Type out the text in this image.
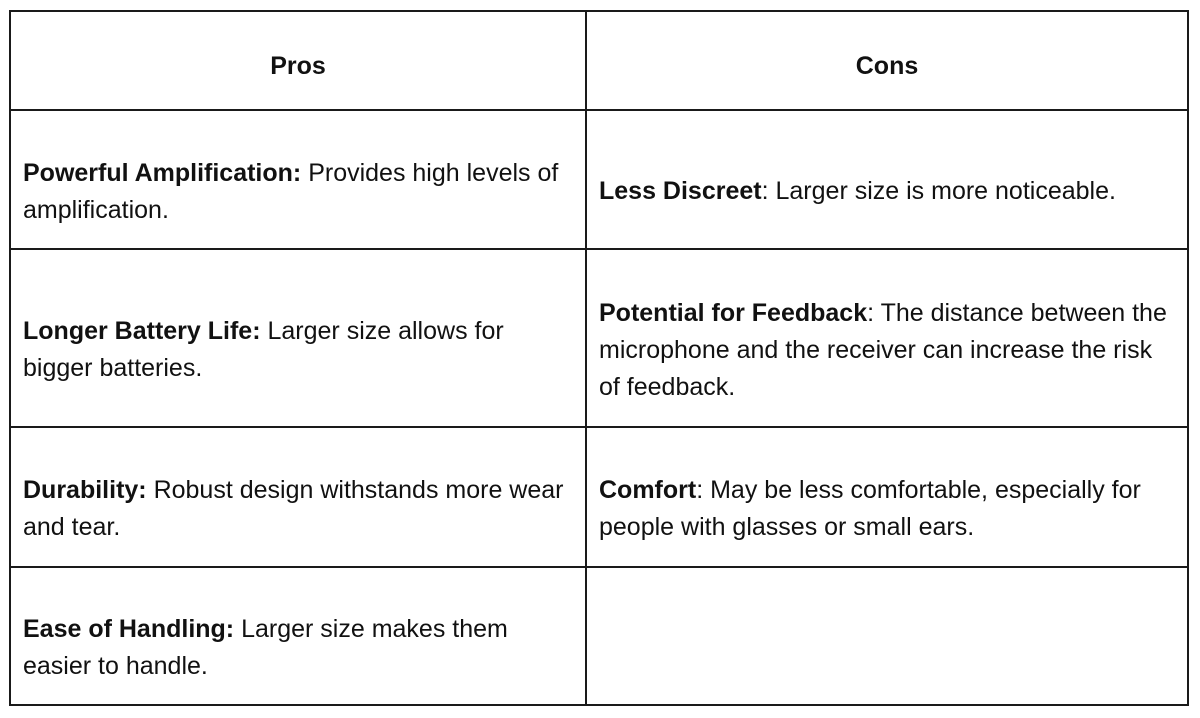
Pros	Cons
Powerful Amplification: Provides high levels of amplification.	Less Discreet: Larger size is more noticeable.
Longer Battery Life: Larger size allows for bigger batteries.	Potential for Feedback: The distance between the microphone and the receiver can increase the risk of feedback.
Durability: Robust design withstands more wear and tear.	Comfort: May be less comfortable, especially for people with glasses or small ears.
Ease of Handling: Larger size makes them easier to handle.	
